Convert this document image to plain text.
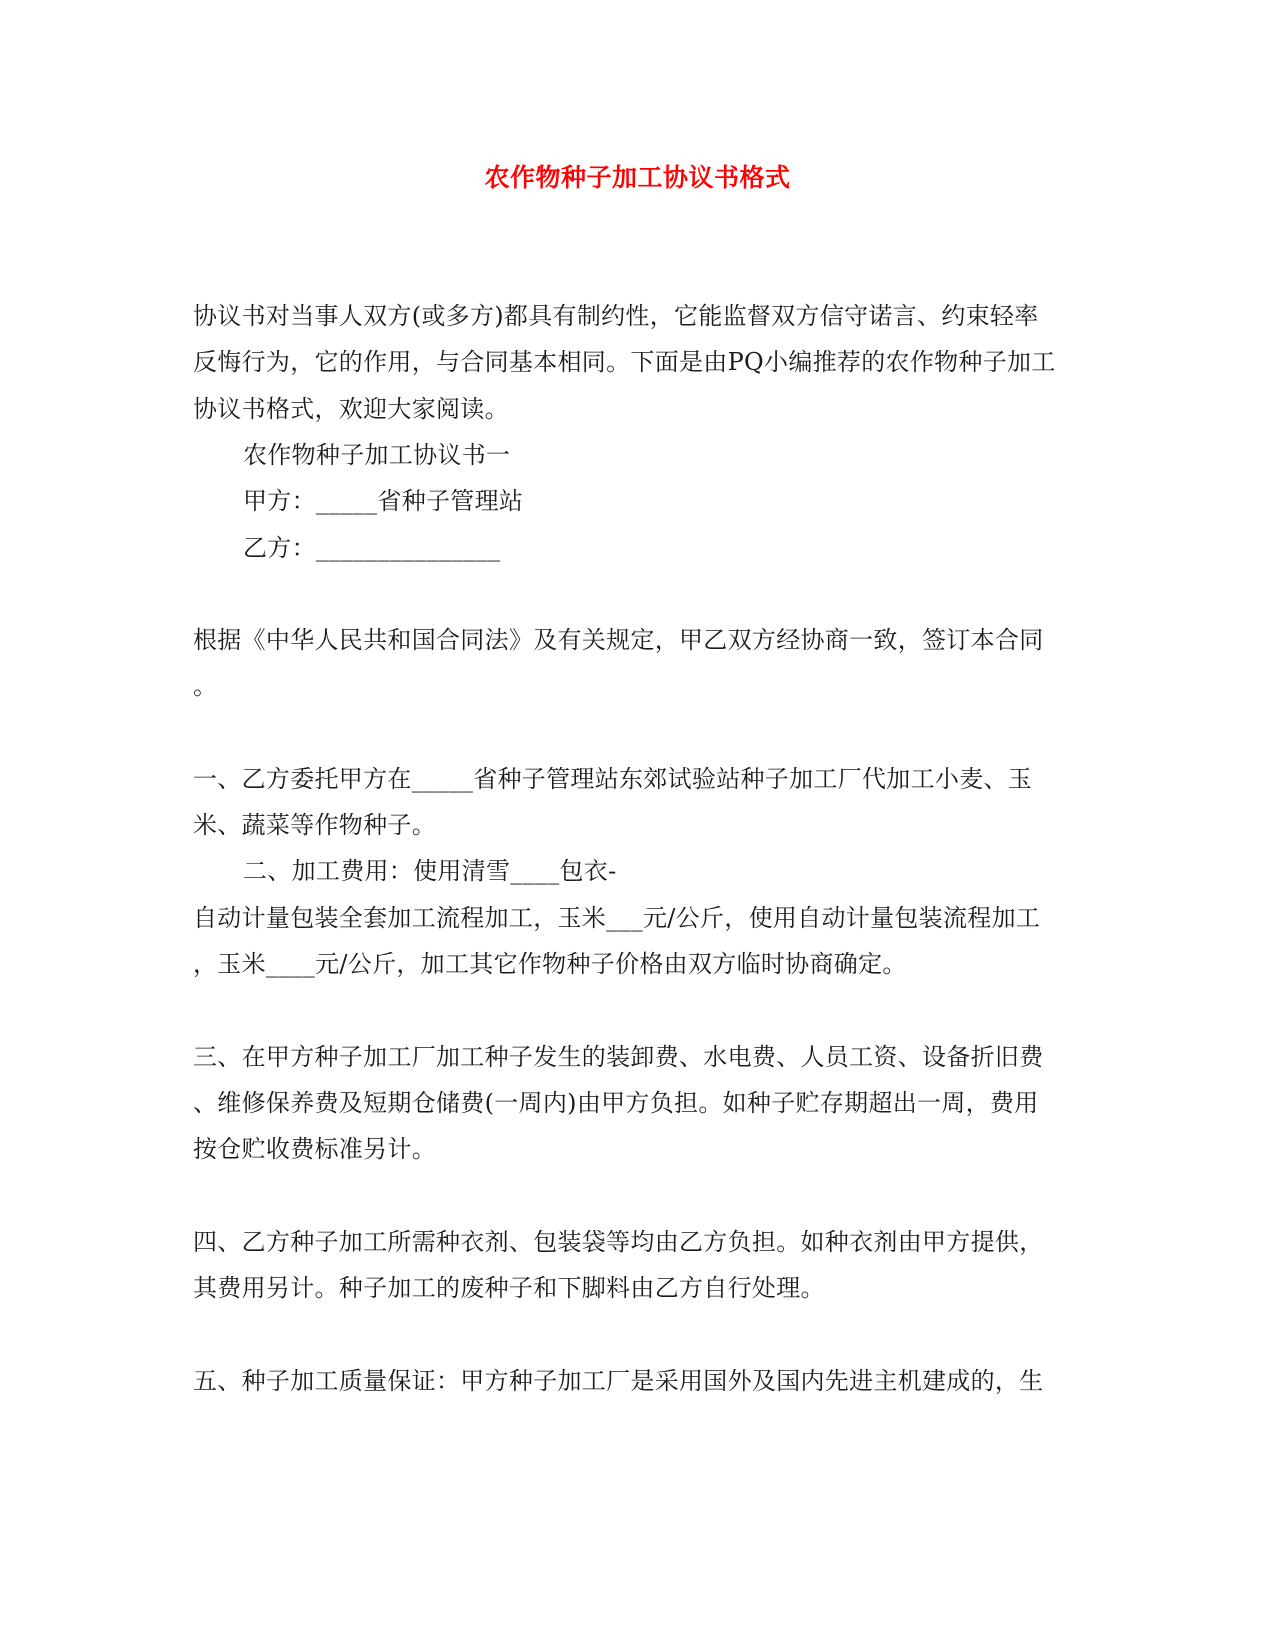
农作物种子加工协议书格式
协议书对当事人双方(或多方)都具有制约性，它能监督双方信守诺言、约束轻率
反悔行为，它的作用，与合同基本相同。下面是由PQ小编推荐的农作物种子加工
协议书格式，欢迎大家阅读。
农作物种子加工协议书一
甲方：_____省种子管理站
乙方：_______________
根据《中华人民共和国合同法》及有关规定，甲乙双方经协商一致，签订本合同
。
一、乙方委托甲方在_____省种子管理站东郊试验站种子加工厂代加工小麦、玉
米、蔬菜等作物种子。
二、加工费用：使用清雪____包衣-
自动计量包装全套加工流程加工，玉米___元/公斤，使用自动计量包装流程加工
，玉米____元/公斤，加工其它作物种子价格由双方临时协商确定。
三、在甲方种子加工厂加工种子发生的装卸费、水电费、人员工资、设备折旧费
、维修保养费及短期仓储费(一周内)由甲方负担。如种子贮存期超出一周，费用
按仓贮收费标准另计。
四、乙方种子加工所需种衣剂、包装袋等均由乙方负担。如种衣剂由甲方提供，
其费用另计。种子加工的废种子和下脚料由乙方自行处理。
五、种子加工质量保证：甲方种子加工厂是采用国外及国内先进主机建成的，生
